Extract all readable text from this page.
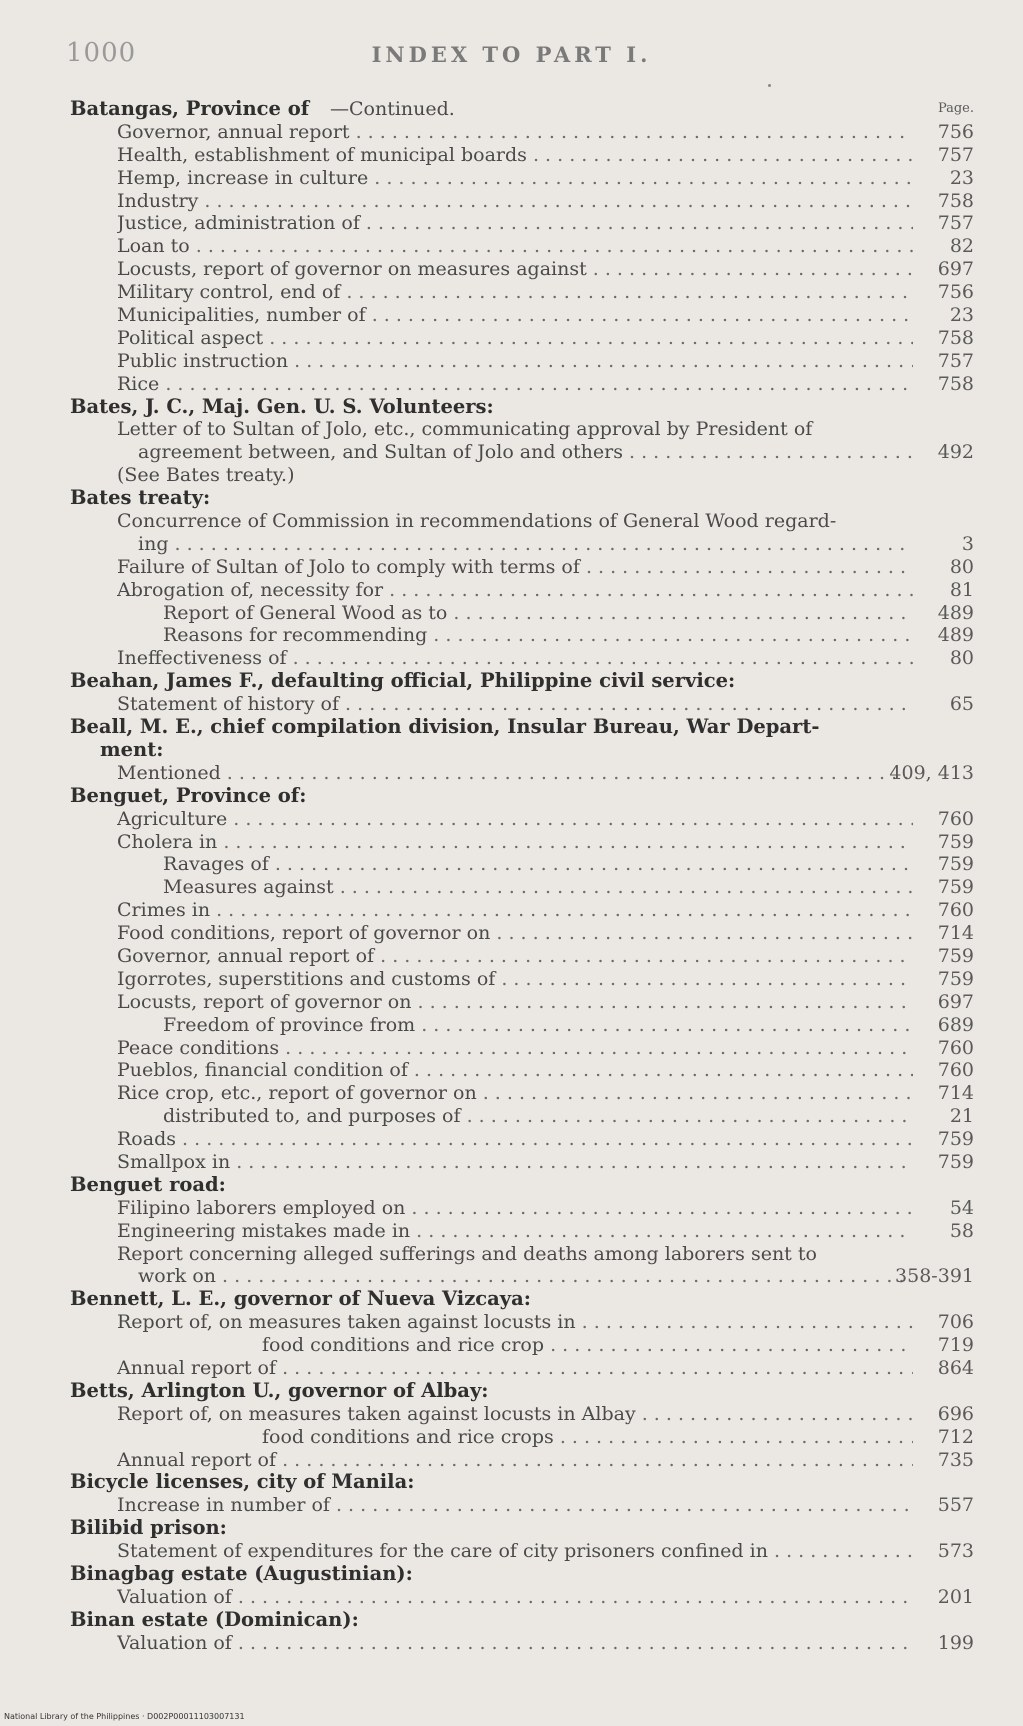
1000	INDEX TO PART I.
Batangas, Province of	—Continued.	Page.
Governor, annual report . . .	756
Health, establishment of municipal boards . . .	757
Hemp, increase in culture . . .	23
Industry . . .	758
Justice, administration of . . .	757
Loan to . . .	82
Locusts, report of governor on measures against . . .	697
Military control, end of . . .	756
Municipalities, number of . . .	23
Political aspect . . .	758
Public instruction . . .	757
Rice . . .	758
Bates, J. C., Maj. Gen. U. S. Volunteers:
Letter of to Sultan of Jolo, etc., communicating approval by President of
agreement between, and Sultan of Jolo and others . . .	492
(See Bates treaty.)
Bates treaty:
Concurrence of Commission in recommendations of General Wood regard-
ing . . .	3
Failure of Sultan of Jolo to comply with terms of . . .	80
Abrogation of, necessity for . . .	81
Report of General Wood as to . . .	489
Reasons for recommending . . .	489
Ineffectiveness of . . .	80
Beahan, James F., defaulting official, Philippine civil service:
Statement of history of . . .	65
Beall, M. E., chief compilation division, Insular Bureau, War Depart-
ment:
Mentioned . . .	409, 413
Benguet, Province of:
Agriculture . . .	760
Cholera in . . .	759
Ravages of . . .	759
Measures against . . .	759
Crimes in . . .	760
Food conditions, report of governor on . . .	714
Governor, annual report of . . .	759
Igorrotes, superstitions and customs of . . .	759
Locusts, report of governor on . . .	697
Freedom of province from . . .	689
Peace conditions . . .	760
Pueblos, financial condition of . . .	760
Rice crop, etc., report of governor on . . .	714
distributed to, and purposes of . . .	21
Roads . . .	759
Smallpox in . . .	759
Benguet road:
Filipino laborers employed on . . .	54
Engineering mistakes made in . . .	58
Report concerning alleged sufferings and deaths among laborers sent to
work on . . .	358-391
Bennett, L. E., governor of Nueva Vizcaya:
Report of, on measures taken against locusts in . . .	706
food conditions and rice crop . . .	719
Annual report of . . .	864
Betts, Arlington U., governor of Albay:
Report of, on measures taken against locusts in Albay . . .	696
food conditions and rice crops . . .	712
Annual report of . . .	735
Bicycle licenses, city of Manila:
Increase in number of . . .	557
Bilibid prison:
Statement of expenditures for the care of city prisoners confined in . . .	573
Binagbag estate (Augustinian):
Valuation of . . .	201
Binan estate (Dominican):
Valuation of . . .	199
National Library of the Philippines · D002P00011103007131
